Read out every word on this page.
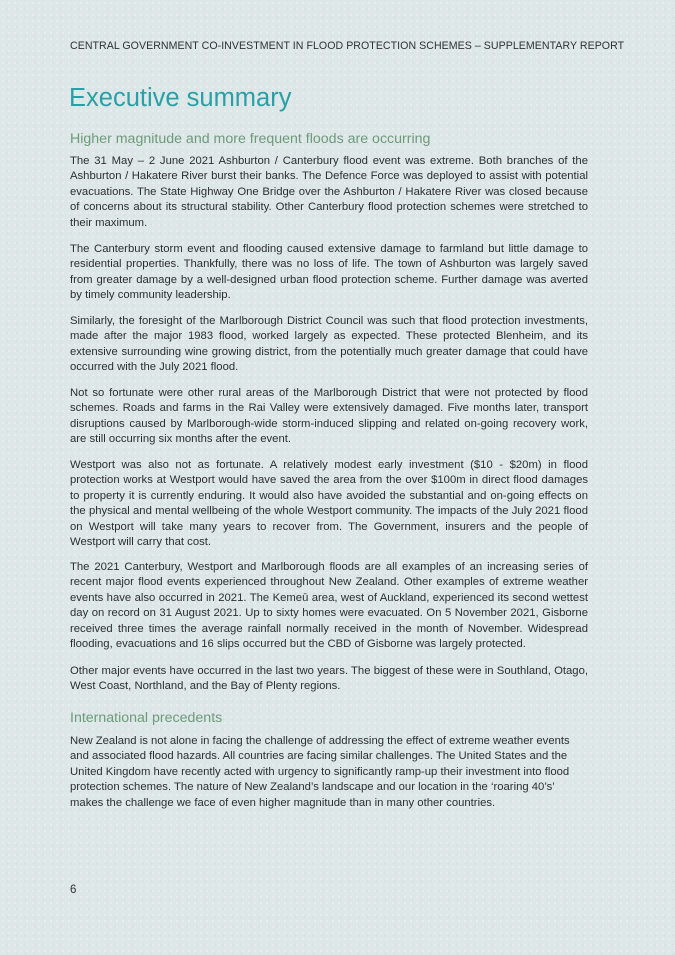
CENTRAL GOVERNMENT CO-INVESTMENT IN FLOOD PROTECTION SCHEMES – SUPPLEMENTARY REPORT
Executive summary
Higher magnitude and more frequent floods are occurring

The 31 May – 2 June 2021 Ashburton / Canterbury flood event was extreme. Both branches of the Ashburton / Hakatere River burst their banks. The Defence Force was deployed to assist with potential evacuations. The State Highway One Bridge over the Ashburton / Hakatere River was closed because of concerns about its structural stability. Other Canterbury flood protection schemes were stretched to their maximum.

The Canterbury storm event and flooding caused extensive damage to farmland but little damage to residential properties. Thankfully, there was no loss of life. The town of Ashburton was largely saved from greater damage by a well-designed urban flood protection scheme. Further damage was averted by timely community leadership.

Similarly, the foresight of the Marlborough District Council was such that flood protection investments, made after the major 1983 flood, worked largely as expected. These protected Blenheim, and its extensive surrounding wine growing district, from the potentially much greater damage that could have occurred with the July 2021 flood.

Not so fortunate were other rural areas of the Marlborough District that were not protected by flood schemes. Roads and farms in the Rai Valley were extensively damaged. Five months later, transport disruptions caused by Marlborough-wide storm-induced slipping and related on-going recovery work, are still occurring six months after the event.

Westport was also not as fortunate. A relatively modest early investment ($10 - $20m) in flood protection works at Westport would have saved the area from the over $100m in direct flood damages to property it is currently enduring. It would also have avoided the substantial and on-going effects on the physical and mental wellbeing of the whole Westport community. The impacts of the July 2021 flood on Westport will take many years to recover from. The Government, insurers and the people of Westport will carry that cost.

The 2021 Canterbury, Westport and Marlborough floods are all examples of an increasing series of recent major flood events experienced throughout New Zealand. Other examples of extreme weather events have also occurred in 2021. The Kemeū area, west of Auckland, experienced its second wettest day on record on 31 August 2021. Up to sixty homes were evacuated. On 5 November 2021, Gisborne received three times the average rainfall normally received in the month of November. Widespread flooding, evacuations and 16 slips occurred but the CBD of Gisborne was largely protected.

Other major events have occurred in the last two years. The biggest of these were in Southland, Otago, West Coast, Northland, and the Bay of Plenty regions.

International precedents

New Zealand is not alone in facing the challenge of addressing the effect of extreme weather events and associated flood hazards. All countries are facing similar challenges. The United States and the United Kingdom have recently acted with urgency to significantly ramp-up their investment into flood protection schemes. The nature of New Zealand’s landscape and our location in the ‘roaring 40’s’ makes the challenge we face of even higher magnitude than in many other countries.

6
